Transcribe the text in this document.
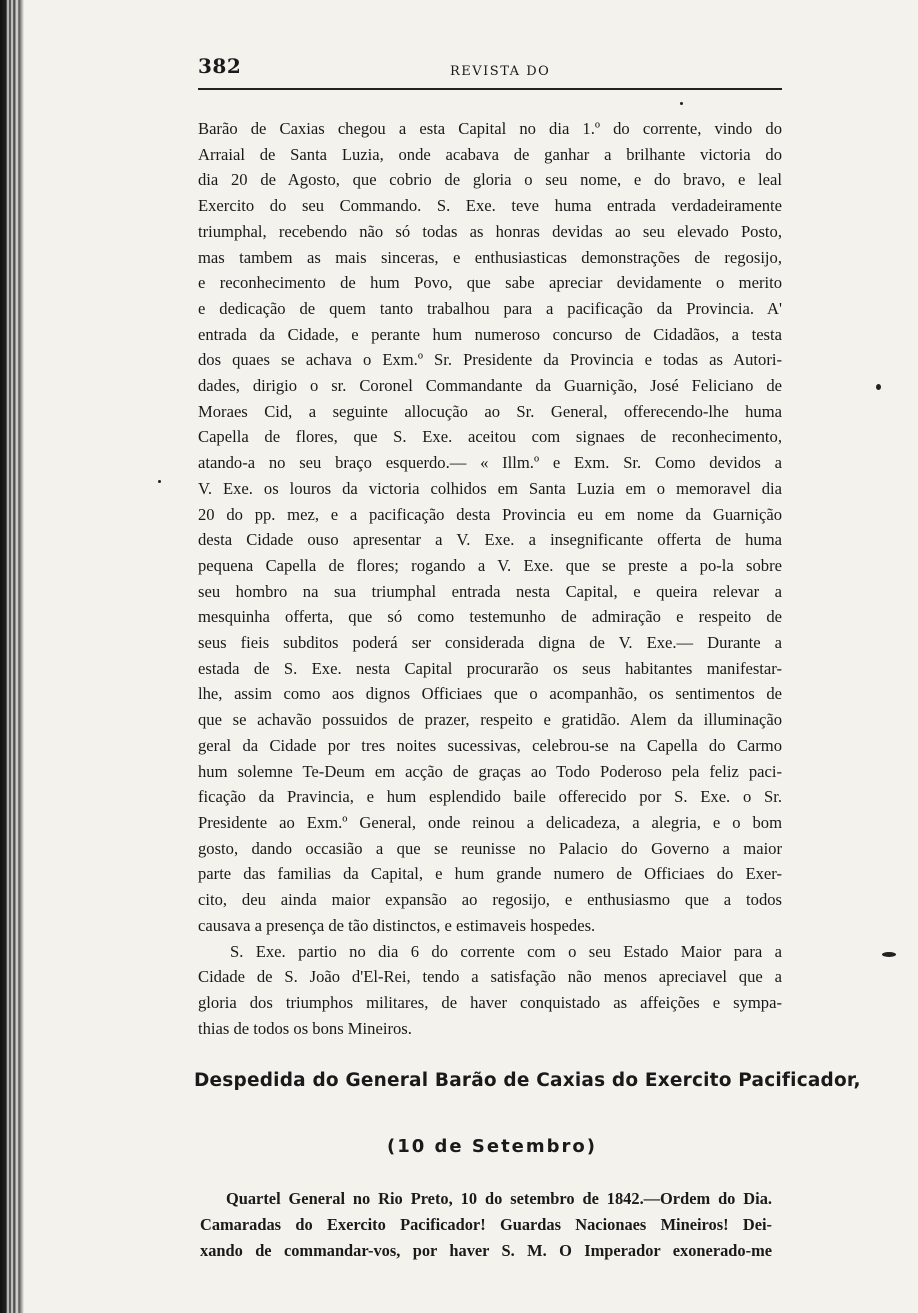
382	REVISTA DO
Barão de Caxias chegou a esta Capital no dia 1.º do corrente, vindo do
Arraial de Santa Luzia, onde acabava de ganhar a brilhante victoria do
dia 20 de Agosto, que cobrio de gloria o seu nome, e do bravo, e leal
Exercito do seu Commando. S. Exe. teve huma entrada verdadeiramente
triumphal, recebendo não só todas as honras devidas ao seu elevado Posto,
mas tambem as mais sinceras, e enthusiasticas demonstrações de regosijo,
e reconhecimento de hum Povo, que sabe apreciar devidamente o merito
e dedicação de quem tanto trabalhou para a pacificação da Provincia. A'
entrada da Cidade, e perante hum numeroso concurso de Cidadãos, a testa
dos quaes se achava o Exm.º Sr. Presidente da Provincia e todas as Autori-
dades, dirigio o sr. Coronel Commandante da Guarnição, José Feliciano de
Moraes Cid, a seguinte allocução ao Sr. General, offerecendo-lhe huma
Capella de flores, que S. Exe. aceitou com signaes de reconhecimento,
atando-a no seu braço esquerdo.— « Illm.º e Exm. Sr. Como devidos a
V. Exe. os louros da victoria colhidos em Santa Luzia em o memoravel dia
20 do pp. mez, e a pacificação desta Provincia eu em nome da Guarnição
desta Cidade ouso apresentar a V. Exe. a insegnificante offerta de huma
pequena Capella de flores; rogando a V. Exe. que se preste a po-la sobre
seu hombro na sua triumphal entrada nesta Capital, e queira relevar a
mesquinha offerta, que só como testemunho de admiração e respeito de
seus fieis subditos poderá ser considerada digna de V. Exe.— Durante a
estada de S. Exe. nesta Capital procurarão os seus habitantes manifestar-
lhe, assim como aos dignos Officiaes que o acompanhão, os sentimentos de
que se achavão possuidos de prazer, respeito e gratidão. Alem da illuminação
geral da Cidade por tres noites sucessivas, celebrou-se na Capella do Carmo
hum solemne Te-Deum em acção de graças ao Todo Poderoso pela feliz paci-
ficação da Pravincia, e hum esplendido baile offerecido por S. Exe. o Sr.
Presidente ao Exm.º General, onde reinou a delicadeza, a alegria, e o bom
gosto, dando occasião a que se reunisse no Palacio do Governo a maior
parte das familias da Capital, e hum grande numero de Officiaes do Exer-
cito, deu ainda maior expansão ao regosijo, e enthusiasmo que a todos
causava a presença de tão distinctos, e estimaveis hospedes.
S. Exe. partio no dia 6 do corrente com o seu Estado Maior para a
Cidade de S. João d'El-Rei, tendo a satisfação não menos apreciavel que a
gloria dos triumphos militares, de haver conquistado as affeições e sympa-
thias de todos os bons Mineiros.
Despedida do General Barão de Caxias do Exercito Pacificador,
(10 de Setembro)
Quartel General no Rio Preto, 10 do setembro de 1842.—Ordem do Dia.
Camaradas do Exercito Pacificador! Guardas Nacionaes Mineiros! Dei-
xando de commandar-vos, por haver S. M. O Imperador exonerado-me
